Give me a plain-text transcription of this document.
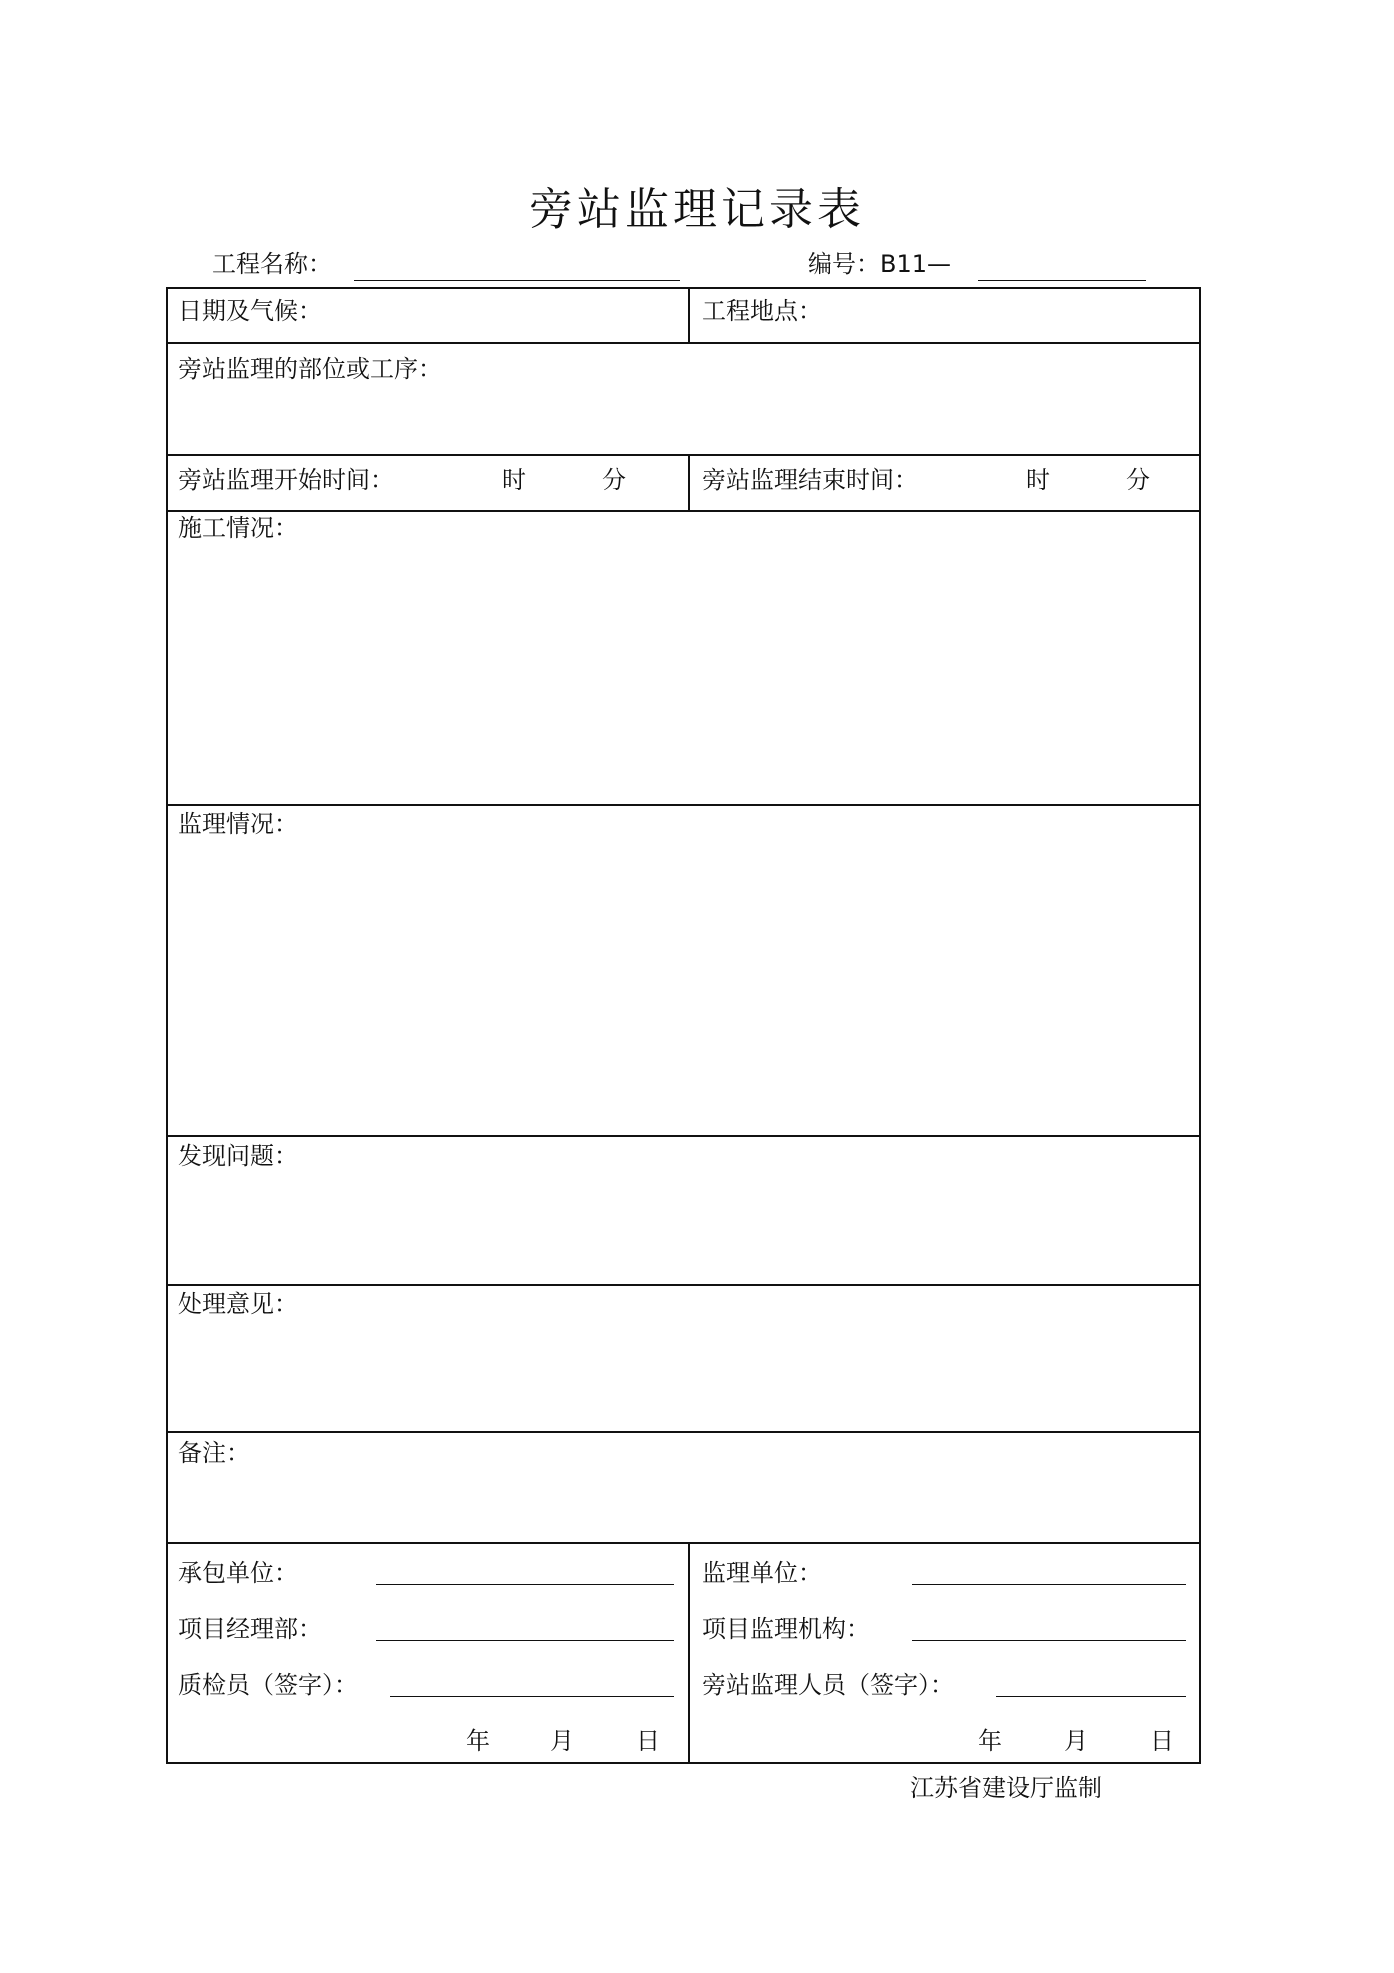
旁站监理记录表
工程名称：	编号：B11—
日期及气候：	工程地点：
旁站监理的部位或工序：
旁站监理开始时间：	时	分	旁站监理结束时间：	时	分
施工情况：
监理情况：
发现问题：
处理意见：
备注：
承包单位：
项目经理部：
质检员（签字）：
年	月	日
监理单位：
项目监理机构：
旁站监理人员（签字）：
年	月	日
江苏省建设厅监制
